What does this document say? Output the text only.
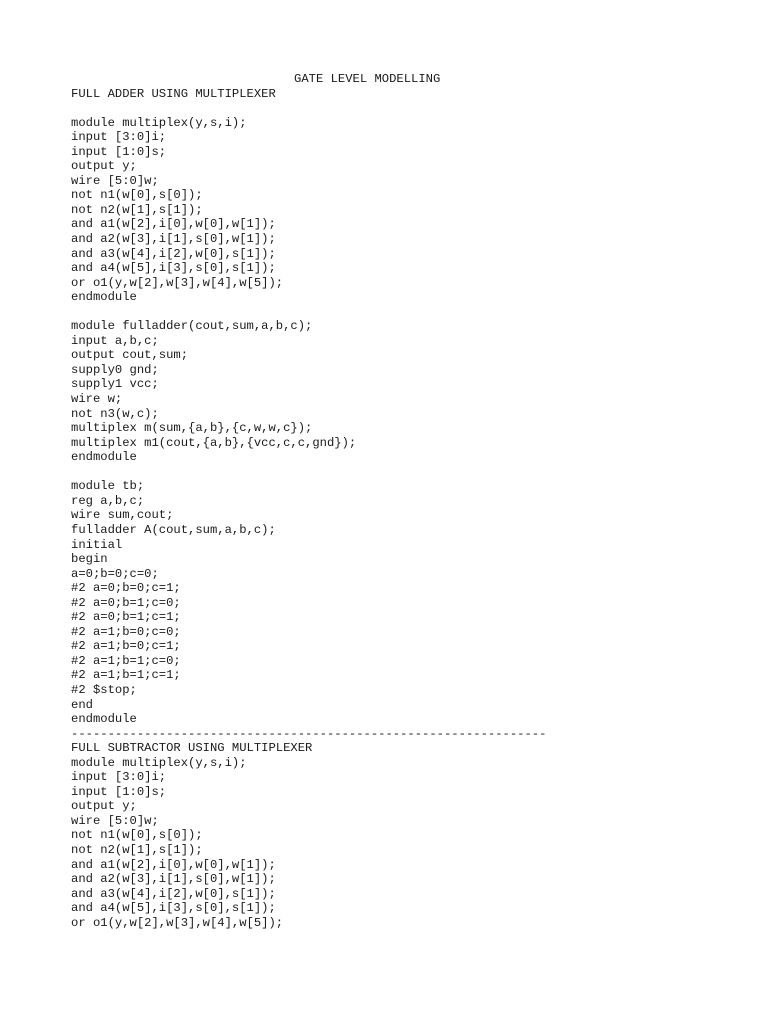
GATE LEVEL MODELLING
FULL ADDER USING MULTIPLEXER
module multiplex(y,s,i);
input [3:0]i;
input [1:0]s;
output y;
wire [5:0]w;
not n1(w[0],s[0]);
not n2(w[1],s[1]);
and a1(w[2],i[0],w[0],w[1]);
and a2(w[3],i[1],s[0],w[1]);
and a3(w[4],i[2],w[0],s[1]);
and a4(w[5],i[3],s[0],s[1]);
or o1(y,w[2],w[3],w[4],w[5]);
endmodule
module fulladder(cout,sum,a,b,c);
input a,b,c;
output cout,sum;
supply0 gnd;
supply1 vcc;
wire w;
not n3(w,c);
multiplex m(sum,{a,b},{c,w,w,c});
multiplex m1(cout,{a,b},{vcc,c,c,gnd});
endmodule
module tb;
reg a,b,c;
wire sum,cout;
fulladder A(cout,sum,a,b,c);
initial
begin
a=0;b=0;c=0;
#2 a=0;b=0;c=1;
#2 a=0;b=1;c=0;
#2 a=0;b=1;c=1;
#2 a=1;b=0;c=0;
#2 a=1;b=0;c=1;
#2 a=1;b=1;c=0;
#2 a=1;b=1;c=1;
#2 $stop;
end
endmodule
-----------------------------------------------------------------
FULL SUBTRACTOR USING MULTIPLEXER
module multiplex(y,s,i);
input [3:0]i;
input [1:0]s;
output y;
wire [5:0]w;
not n1(w[0],s[0]);
not n2(w[1],s[1]);
and a1(w[2],i[0],w[0],w[1]);
and a2(w[3],i[1],s[0],w[1]);
and a3(w[4],i[2],w[0],s[1]);
and a4(w[5],i[3],s[0],s[1]);
or o1(y,w[2],w[3],w[4],w[5]);
